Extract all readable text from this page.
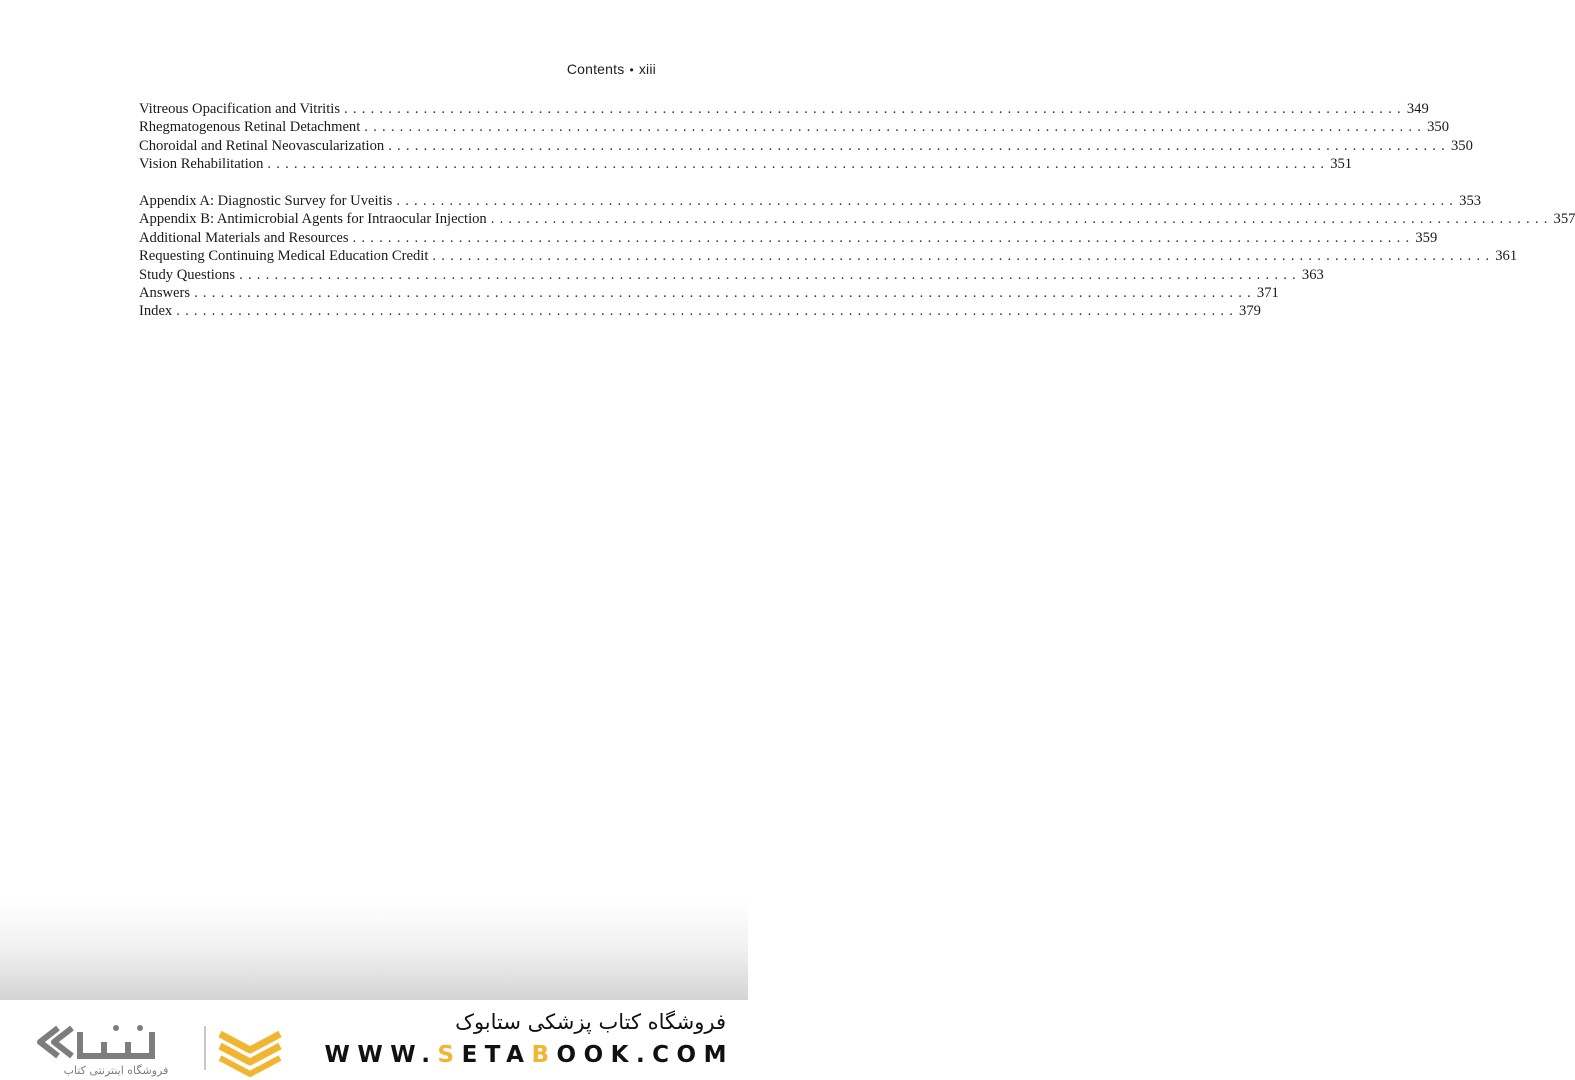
Contents • xiii
Vitreous Opacification and Vitritis ........................................................................................................................ 349
Rhegmatogenous Retinal Detachment ........................................................................................................................ 350
Choroidal and Retinal Neovascularization ........................................................................................................................ 350
Vision Rehabilitation ........................................................................................................................ 351
Appendix A: Diagnostic Survey for Uveitis ........................................................................................................................ 353
Appendix B: Antimicrobial Agents for Intraocular Injection ........................................................................................................................ 357
Additional Materials and Resources ........................................................................................................................ 359
Requesting Continuing Medical Education Credit ........................................................................................................................ 361
Study Questions ........................................................................................................................ 363
Answers ........................................................................................................................ 371
Index ........................................................................................................................ 379
فروشگاه اینترنتی کتاب
فروشگاه کتاب پزشکی ستابوک
WWW.SETABOOK.COM
